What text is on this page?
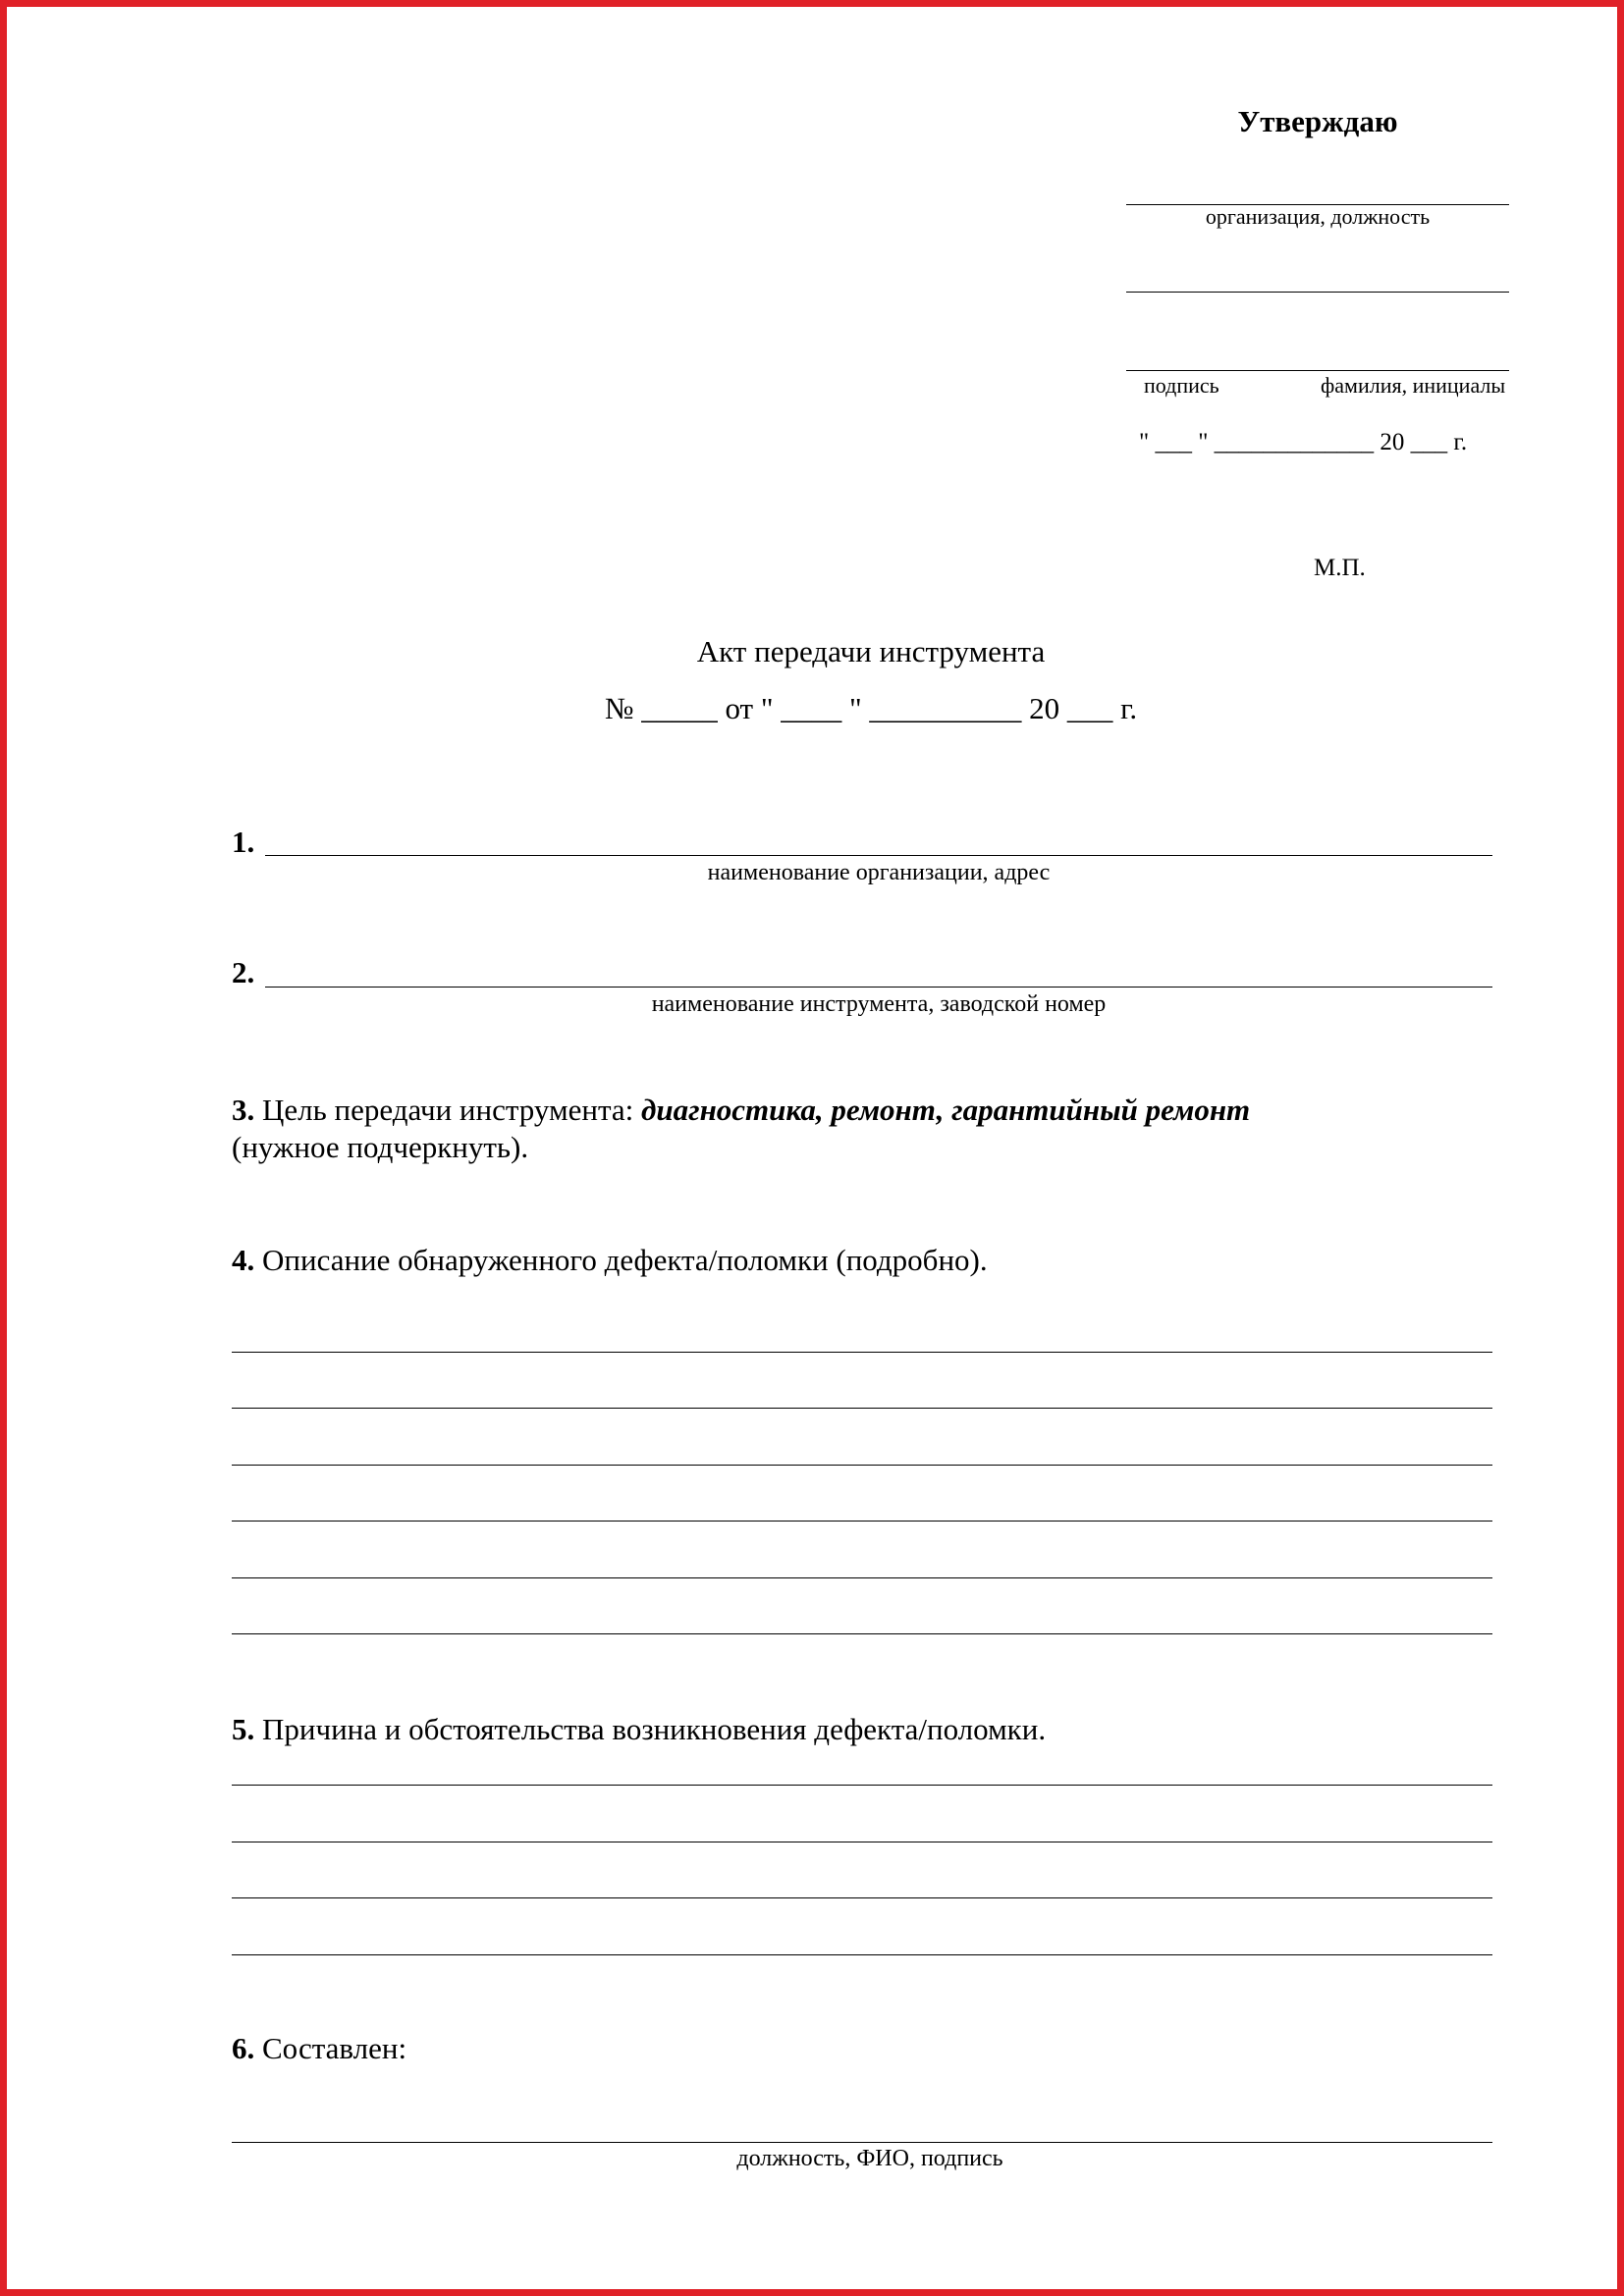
Утверждаю
организация, должность
подпись	фамилия, инициалы
" ___ " _____________ 20 ___ г.
М.П.
Акт передачи инструмента
№ _____ от " ____ " __________ 20 ___ г.
1.
наименование организации, адрес
2.
наименование инструмента, заводской номер
3. Цель передачи инструмента: диагностика, ремонт, гарантийный ремонт
(нужное подчеркнуть).
4. Описание обнаруженного дефекта/поломки (подробно).
5. Причина и обстоятельства возникновения дефекта/поломки.
6. Составлен:
должность, ФИО, подпись
